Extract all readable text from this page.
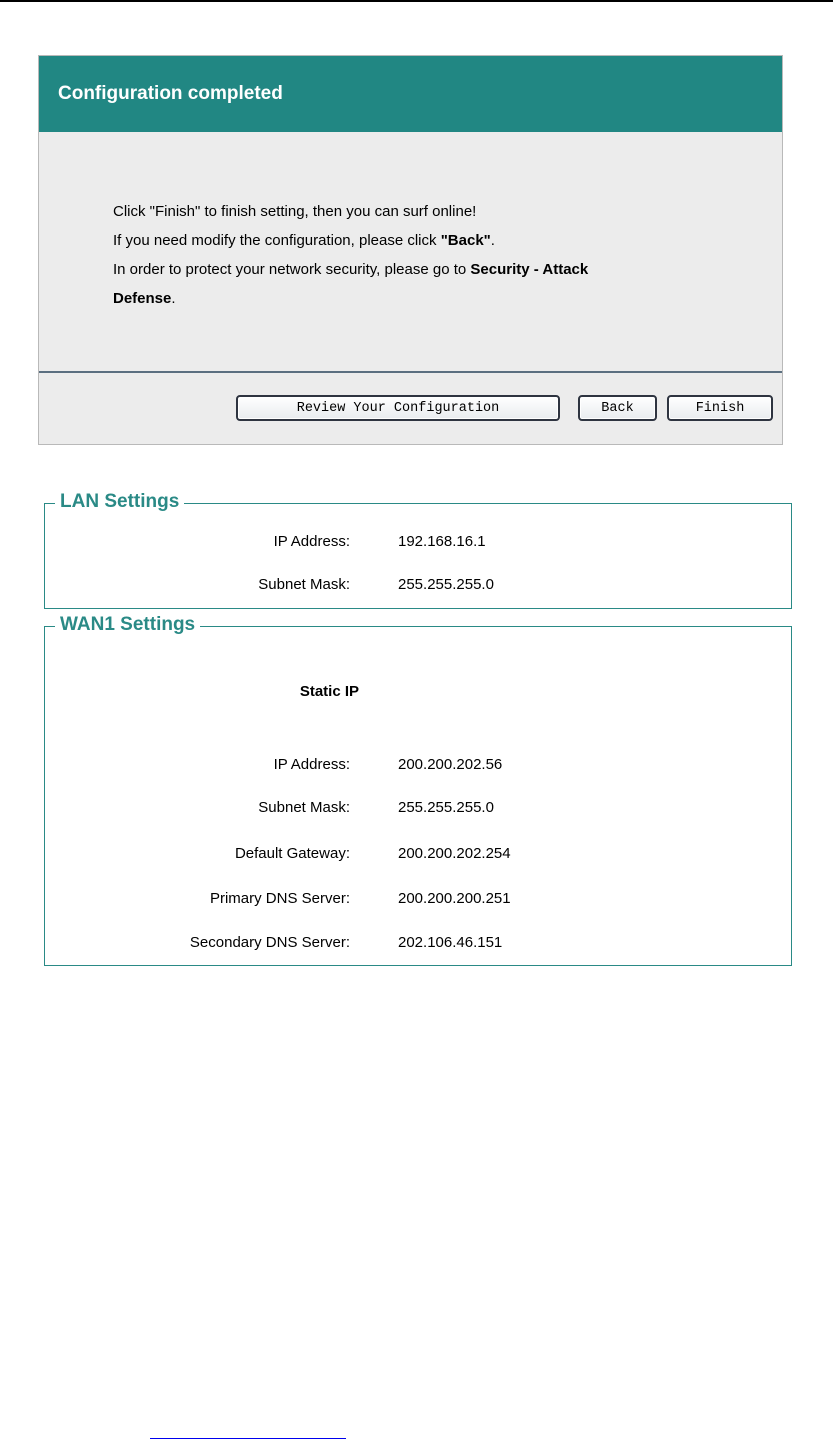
Configuration completed
Click "Finish" to finish setting, then you can surf online!
If you need modify the configuration, please click "Back".
In order to protect your network security, please go to Security - Attack
Defense.
Review Your Configuration	Back	Finish
LAN Settings
IP Address:	192.168.16.1
Subnet Mask:	255.255.255.0
WAN1 Settings
Static IP
IP Address:	200.200.202.56
Subnet Mask:	255.255.255.0
Default Gateway:	200.200.202.254
Primary DNS Server:	200.200.200.251
Secondary DNS Server:	202.106.46.151
